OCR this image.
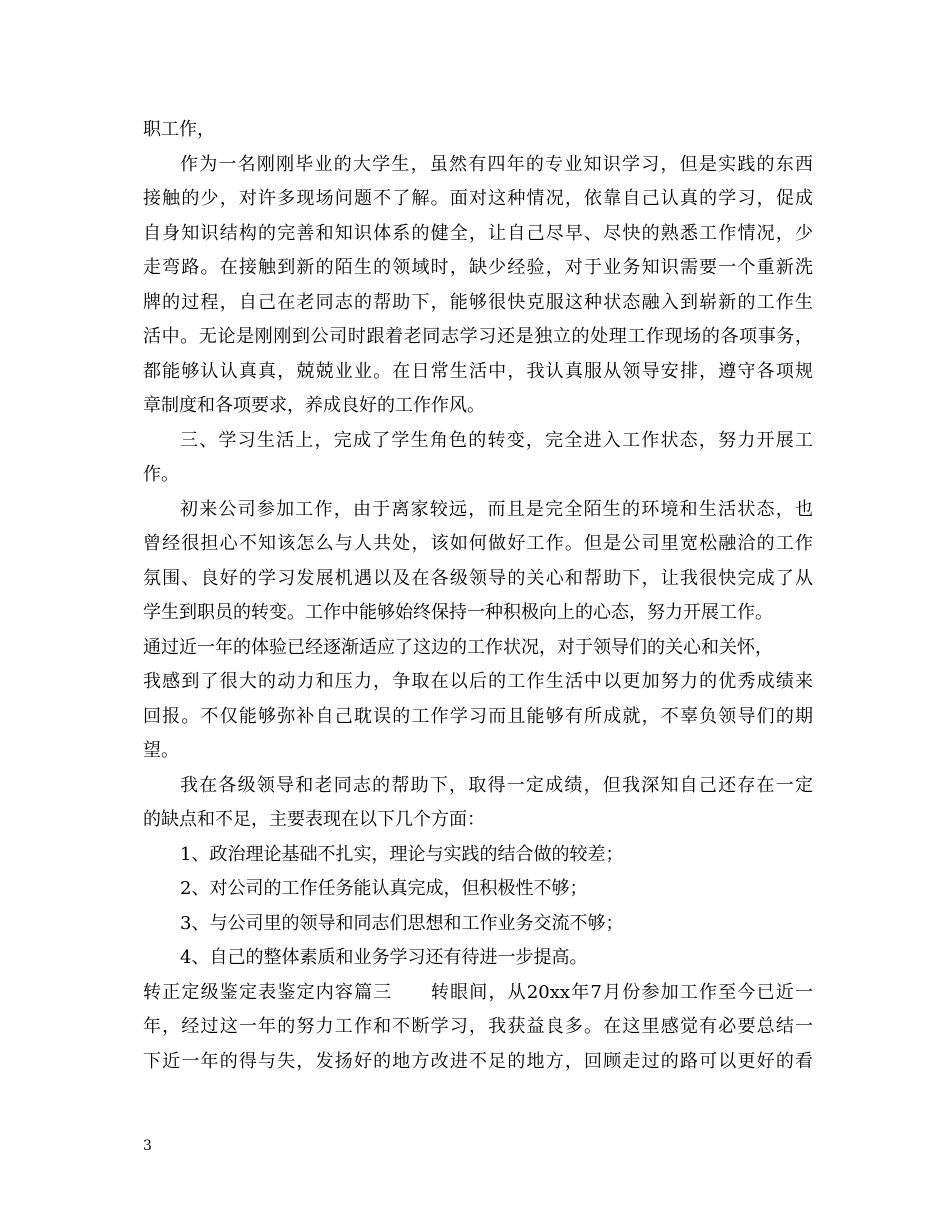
职工作，
作为一名刚刚毕业的大学生，虽然有四年的专业知识学习，但是实践的东西
接触的少，对许多现场问题不了解。面对这种情况，依靠自己认真的学习，促成
自身知识结构的完善和知识体系的健全，让自己尽早、尽快的熟悉工作情况，少
走弯路。在接触到新的陌生的领域时，缺少经验，对于业务知识需要一个重新洗
牌的过程，自己在老同志的帮助下，能够很快克服这种状态融入到崭新的工作生
活中。无论是刚刚到公司时跟着老同志学习还是独立的处理工作现场的各项事务，
都能够认认真真，兢兢业业。在日常生活中，我认真服从领导安排，遵守各项规
章制度和各项要求，养成良好的工作作风。
三、学习生活上，完成了学生角色的转变，完全进入工作状态，努力开展工
作。
初来公司参加工作，由于离家较远，而且是完全陌生的环境和生活状态，也
曾经很担心不知该怎么与人共处，该如何做好工作。但是公司里宽松融洽的工作
氛围、良好的学习发展机遇以及在各级领导的关心和帮助下，让我很快完成了从
学生到职员的转变。工作中能够始终保持一种积极向上的心态，努力开展工作。
通过近一年的体验已经逐渐适应了这边的工作状况，对于领导们的关心和关怀，
我感到了很大的动力和压力，争取在以后的工作生活中以更加努力的优秀成绩来
回报。不仅能够弥补自己耽误的工作学习而且能够有所成就，不辜负领导们的期
望。
我在各级领导和老同志的帮助下，取得一定成绩，但我深知自己还存在一定
的缺点和不足，主要表现在以下几个方面：
1、政治理论基础不扎实，理论与实践的结合做的较差；
2、对公司的工作任务能认真完成，但积极性不够；
3、与公司里的领导和同志们思想和工作业务交流不够；
4、自己的整体素质和业务学习还有待进一步提高。
转正定级鉴定表鉴定内容篇三　　转眼间，从20xx年7月份参加工作至今已近一
年，经过这一年的努力工作和不断学习，我获益良多。在这里感觉有必要总结一
下近一年的得与失，发扬好的地方改进不足的地方，回顾走过的路可以更好的看
3
